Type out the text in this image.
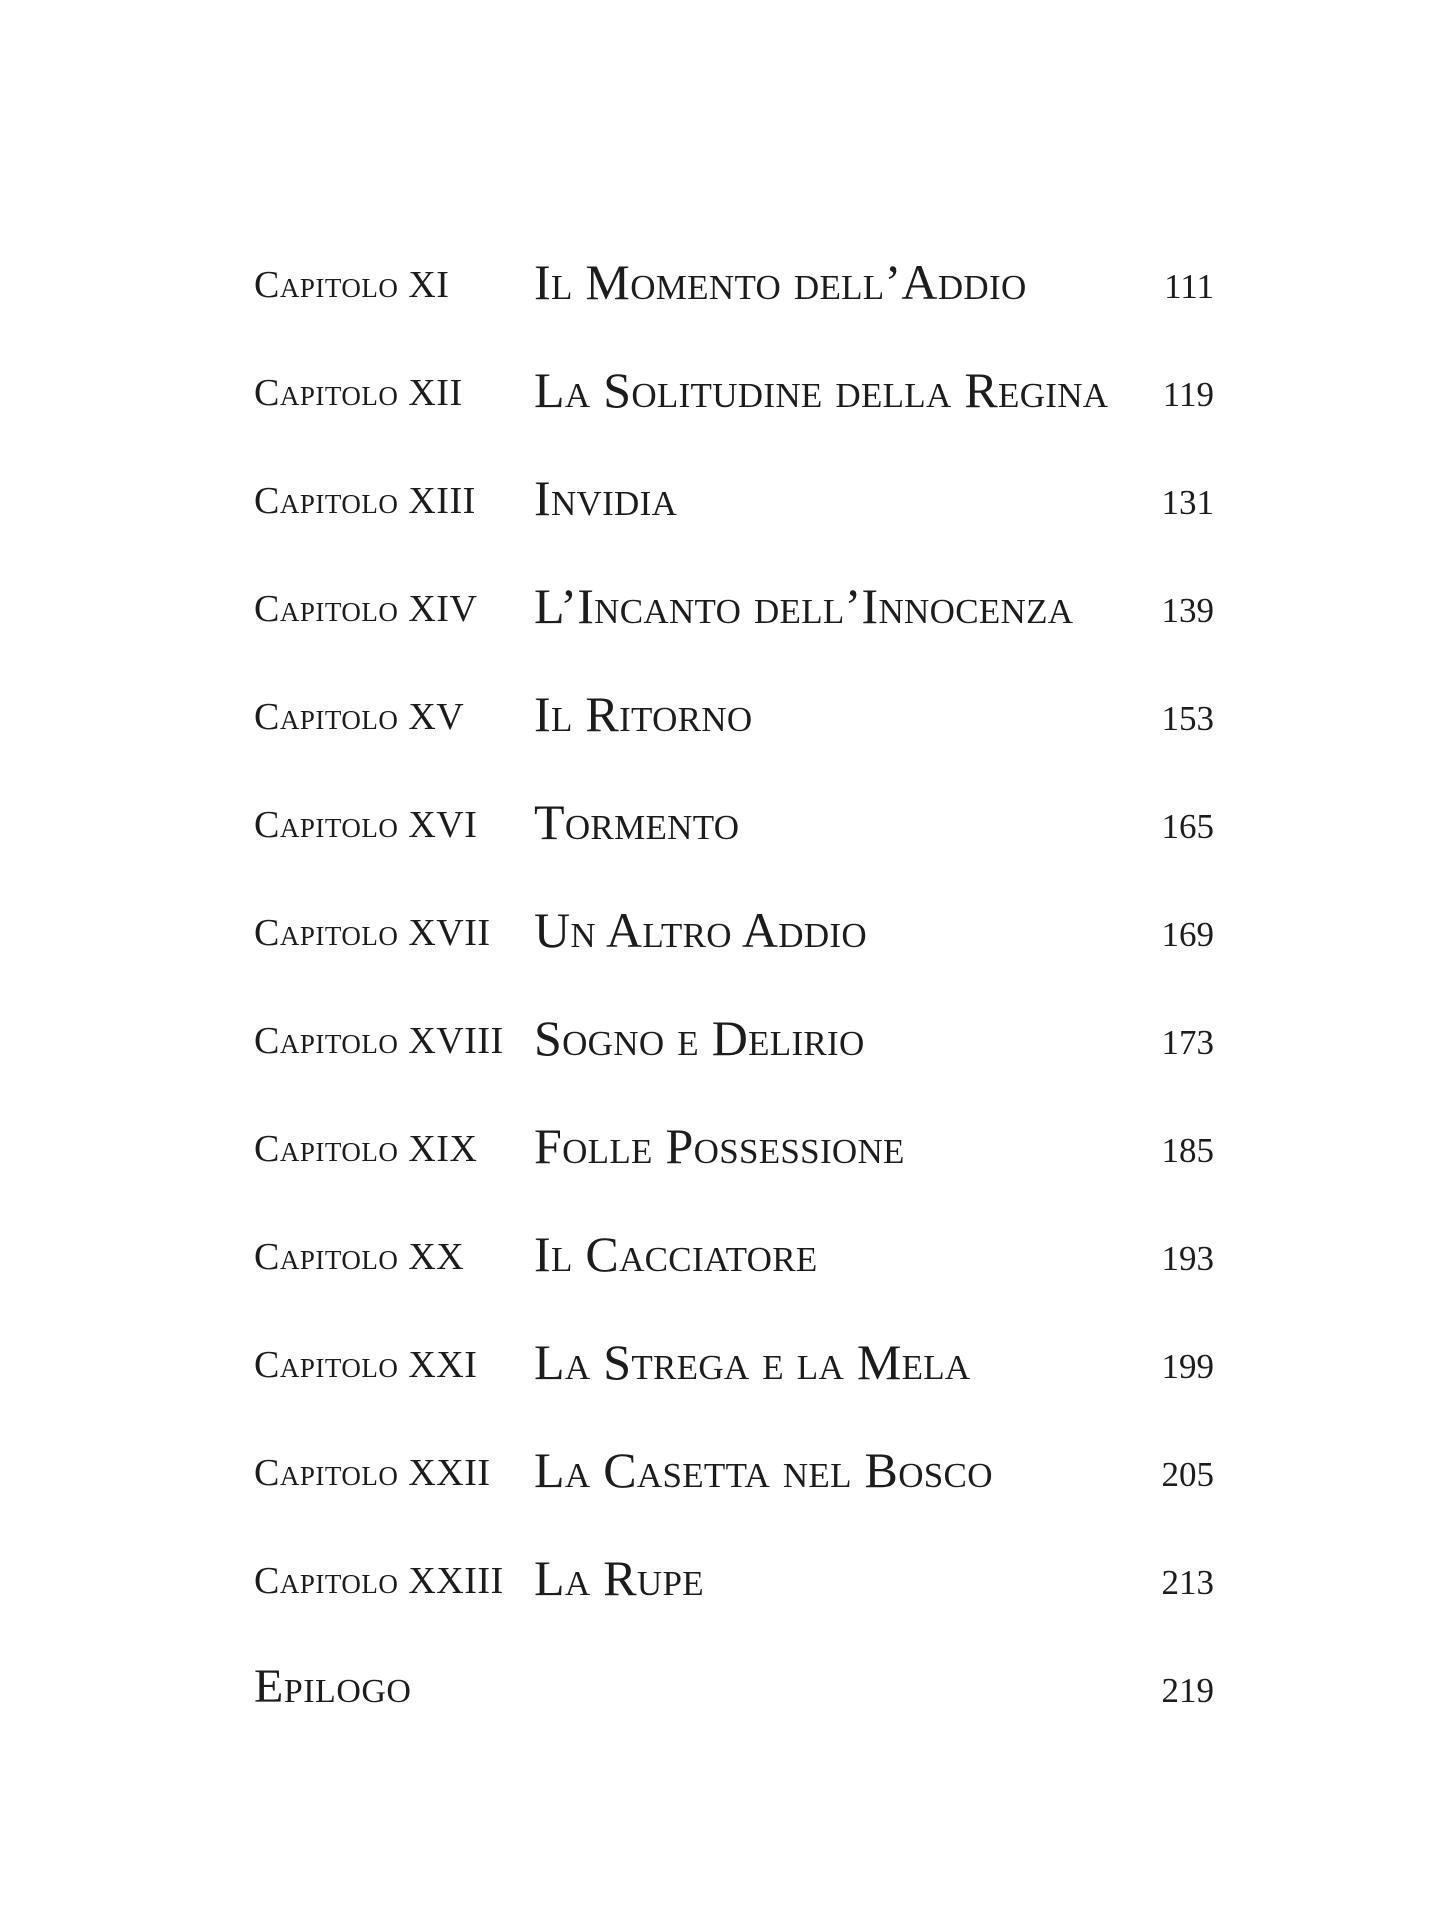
Capitolo XI Il Momento dell’Addio	111
Capitolo XII La Solitudine della Regina 119
Capitolo XIII Invidia	131
Capitolo XIV L’Incanto dell’Innocenza	139
Capitolo XV Il Ritorno	153
Capitolo XVI Tormento	165
Capitolo XVII Un Altro Addio	169
Capitolo XVIII Sogno e Delirio	173
Capitolo XIX Folle Possessione	185
Capitolo XX Il Cacciatore	193
Capitolo XXI La Strega e la Mela	199
Capitolo XXII La Casetta nel Bosco	205
Capitolo XXIII La Rupe	213
Epilogo	219
